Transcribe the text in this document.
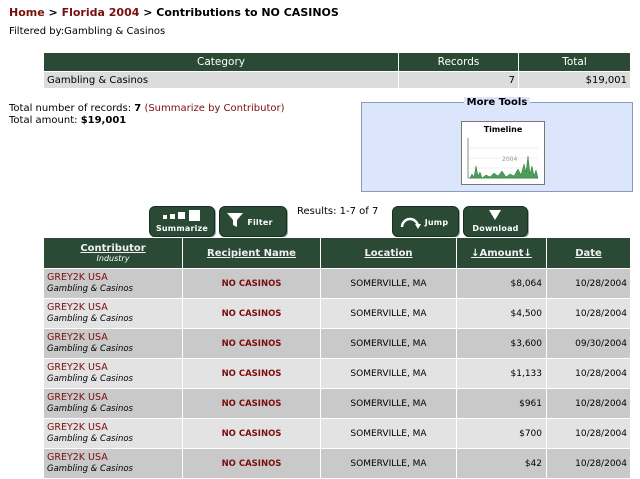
Home > Florida 2004 > Contributions to NO CASINOS
Filtered by:Gambling & Casinos
Category	Records	Total
Gambling & Casinos	7	$19,001
Total number of records: 7 (Summarize by Contributor)
Total amount: $19,001
More Tools
Timeline
2004
Summarize
Filter
Results: 1-7 of 7
Jump
Download
Contributor
Industry	Recipient Name	Location	↓Amount↓	Date
GREY2K USA
Gambling & Casinos	NO CASINOS	SOMERVILLE, MA	$8,064	10/28/2004
GREY2K USA
Gambling & Casinos	NO CASINOS	SOMERVILLE, MA	$4,500	10/28/2004
GREY2K USA
Gambling & Casinos	NO CASINOS	SOMERVILLE, MA	$3,600	09/30/2004
GREY2K USA
Gambling & Casinos	NO CASINOS	SOMERVILLE, MA	$1,133	10/28/2004
GREY2K USA
Gambling & Casinos	NO CASINOS	SOMERVILLE, MA	$961	10/28/2004
GREY2K USA
Gambling & Casinos	NO CASINOS	SOMERVILLE, MA	$700	10/28/2004
GREY2K USA
Gambling & Casinos	NO CASINOS	SOMERVILLE, MA	$42	10/28/2004
